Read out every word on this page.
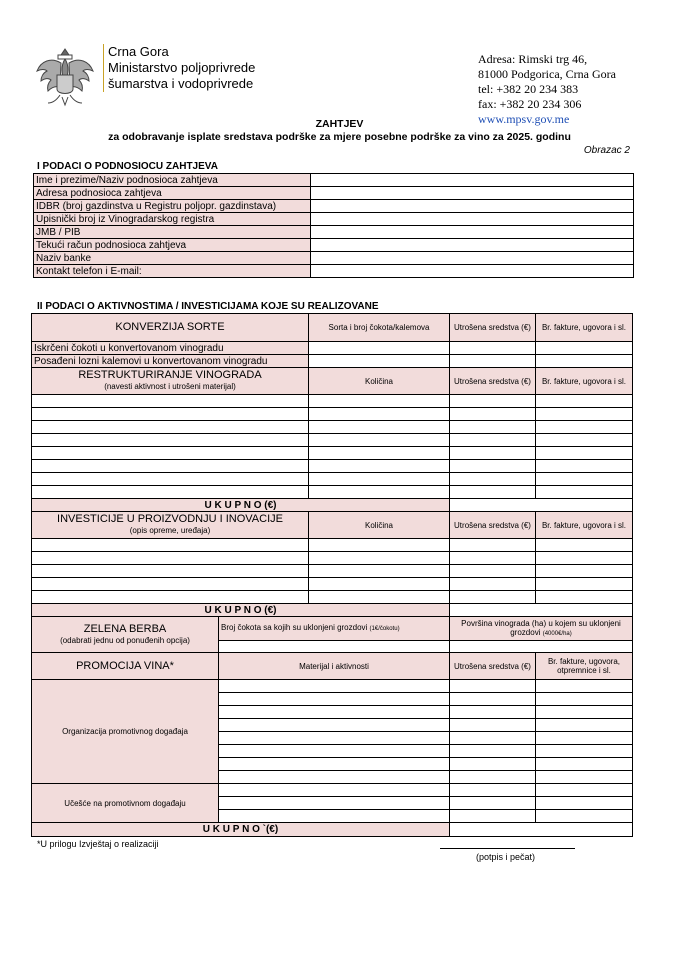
Crna Gora
Ministarstvo poljoprivrede
šumarstva i vodoprivrede
Adresa: Rimski trg 46,
81000 Podgorica, Crna Gora
tel: +382 20 234 383
fax: +382 20 234 306
www.mpsv.gov.me
ZAHTJEV
za odobravanje isplate sredstava podrške za mjere posebne podrške za vino za 2025. godinu
Obrazac 2
I PODACI O PODNOSIOCU ZAHTJEVA
Ime i prezime/Naziv podnosioca zahtjeva	
Adresa podnosioca zahtjeva	
IDBR (broj gazdinstva u Registru poljopr. gazdinstava)	
Upisnički broj iz Vinogradarskog registra	
JMB / PIB	
Tekući račun podnosioca zahtjeva	
Naziv banke	
Kontakt telefon i E-mail:	
II PODACI O AKTIVNOSTIMA / INVESTICIJAMA KOJE SU REALIZOVANE
KONVERZIJA SORTE		Sorta i broj čokota/kalemova	Utrošena sredstva (€)	Br. fakture, ugovora i sl.
Iskrčeni čokoti u konvertovanom vinogradu				
Posađeni lozni kalemovi u konvertovanom vinogradu				
RESTRUKTURIRANJE VINOGRADA
(navesti aktivnost i utrošeni materijal)		Količina	Utrošena sredstva (€)	Br. fakture, ugovora i sl.

U K U P N O (€)				
INVESTICIJE U PROIZVODNJU I INOVACIJE
(opis opreme, uređaja)		Količina	Utrošena sredstva (€)	Br. fakture, ugovora i sl.

U K U P N O (€)				
ZELENA BERBA
(odabrati jednu od ponuđenih opcija)	Broj čokota sa kojih su uklonjeni grozdovi (1€/čokotu)		Površina vinograda (ha) u kojem su uklonjeni grozdovi (4000€/ha)	

PROMOCIJA VINA*	Materijal i aktivnosti		Utrošena sredstva (€)	Br. fakture, ugovora, otpremnice i sl.
Organizacija promotivnog događaja				

Učešće na promotivnom događaju				

U K U P N O `(€)				
*U prilogu Izvještaj o realizaciji
(potpis i pečat)
